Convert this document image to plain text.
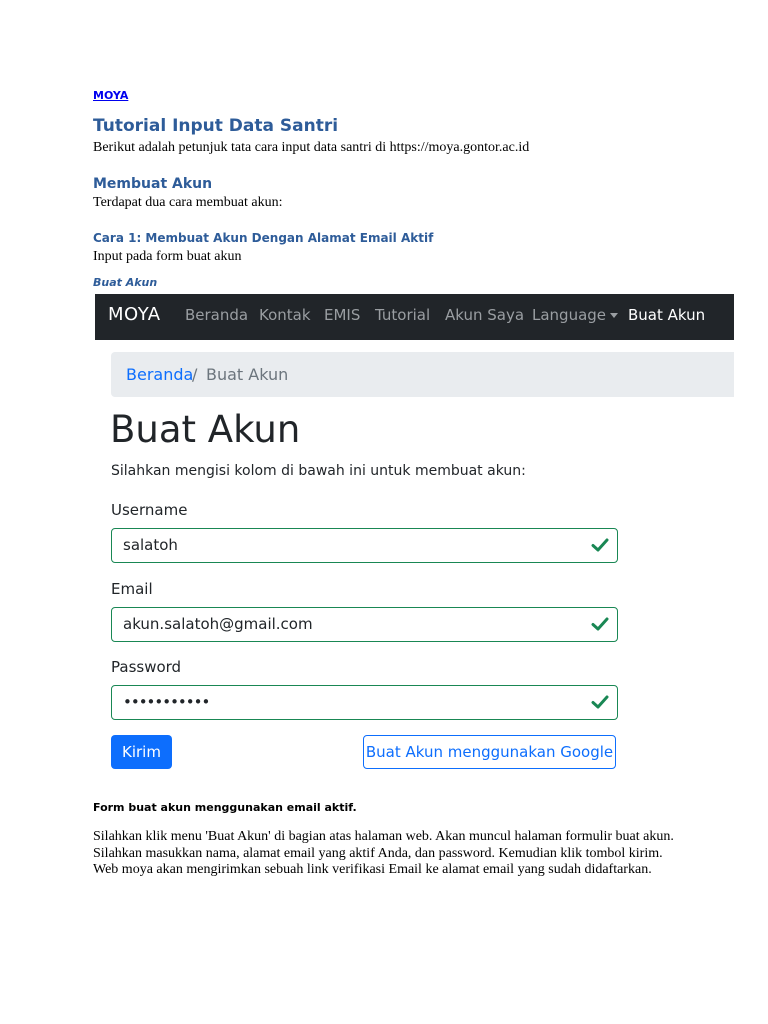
MOYA
Tutorial Input Data Santri
Berikut adalah petunjuk tata cara input data santri di https://moya.gontor.ac.id
Membuat Akun
Terdapat dua cara membuat akun:
Cara 1: Membuat Akun Dengan Alamat Email Aktif
Input pada form buat akun
Buat Akun
MOYA Beranda Kontak EMIS Tutorial Akun Saya Language	Buat Akun
Beranda
/ Buat Akun
Buat Akun
Silahkan mengisi kolom di bawah ini untuk membuat akun:
Username
salatoh
Email
akun.salatoh@gmail.com
Password
•••••••••••
Kirim	Buat Akun menggunakan Google
Form buat akun menggunakan email aktif.
Silahkan klik menu 'Buat Akun' di bagian atas halaman web. Akan muncul halaman formulir buat akun. Silahkan masukkan nama, alamat email yang aktif Anda, dan password. Kemudian klik tombol kirim. Web moya akan mengirimkan sebuah link verifikasi Email ke alamat email yang sudah didaftarkan.
